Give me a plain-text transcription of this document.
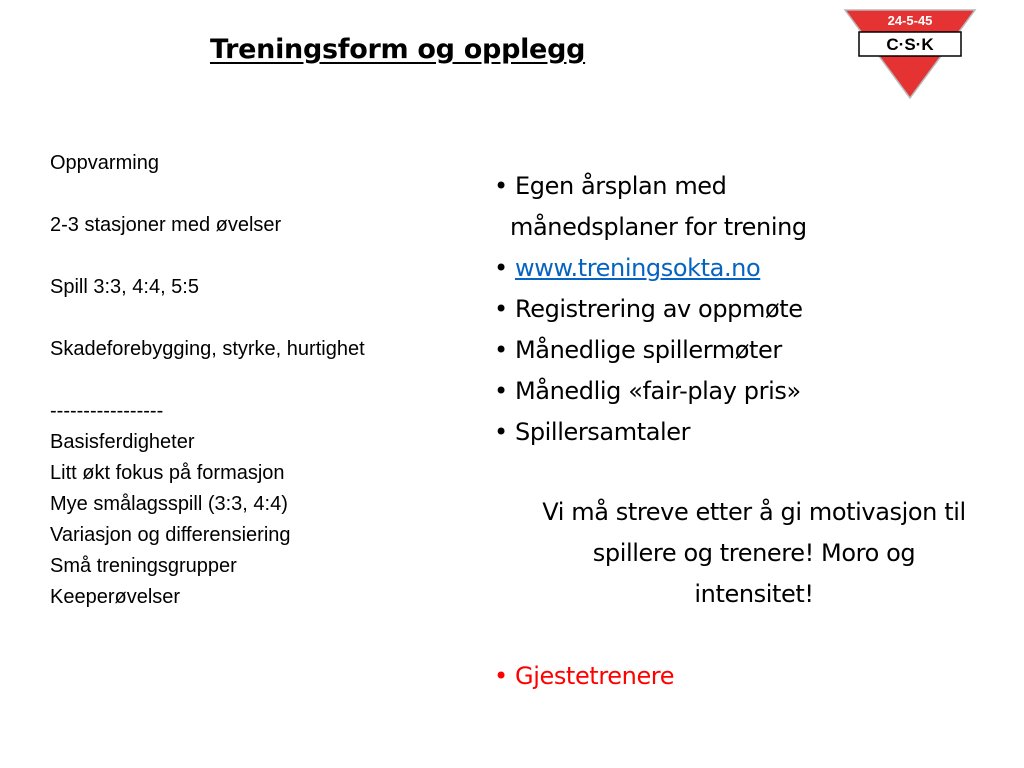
Treningsform og opplegg
24-5-45
C·S·K
Oppvarming
2-3 stasjoner med øvelser
Spill 3:3, 4:4, 5:5
Skadeforebygging, styrke, hurtighet
-----------------
Basisferdigheter
Litt økt fokus på formasjon
Mye smålagsspill (3:3, 4:4)
Variasjon og differensiering
Små treningsgrupper
Keeperøvelser
• Egen årsplan med
månedsplaner for trening
• www.treningsokta.no
• Registrering av oppmøte
• Månedlige spillermøter
• Månedlig «fair-play pris»
• Spillersamtaler
Vi må streve etter å gi motivasjon til
spillere og trenere! Moro og
intensitet!
• Gjestetrenere
